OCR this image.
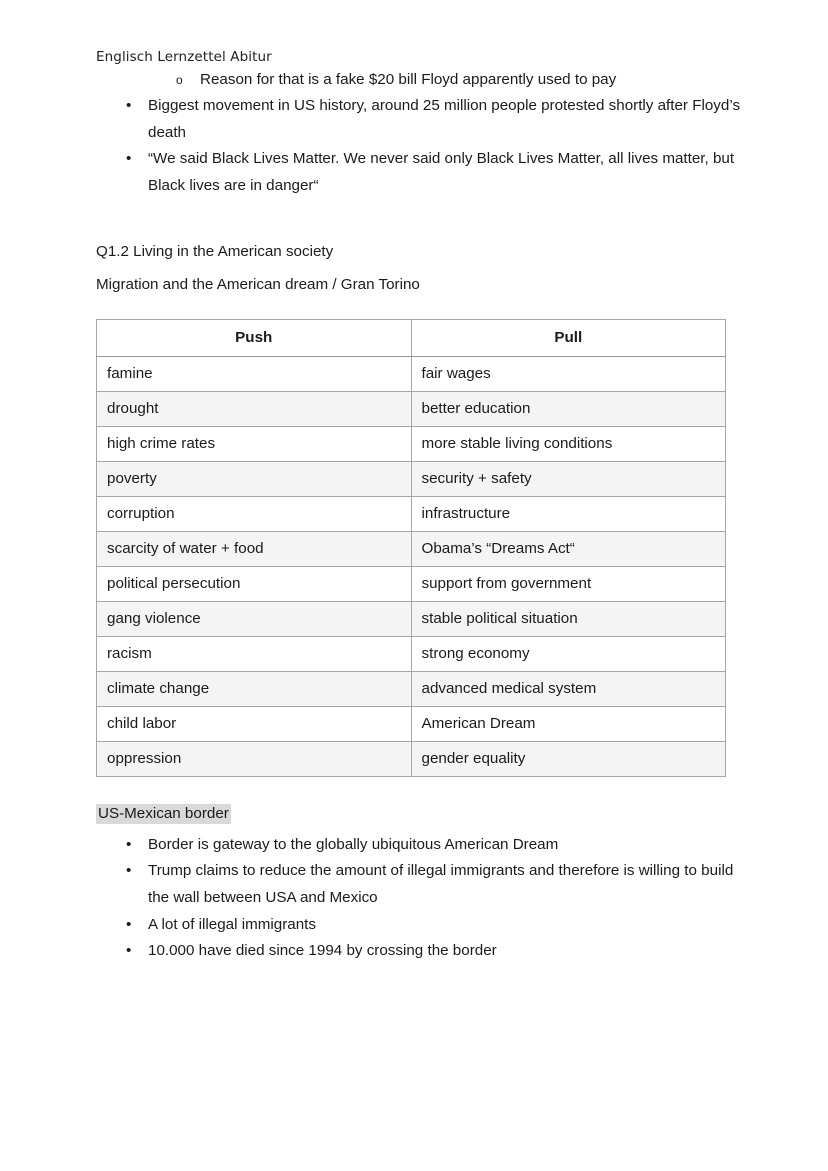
Englisch Lernzettel Abitur
o Reason for that is a fake $20 bill Floyd apparently used to pay
• Biggest movement in US history, around 25 million people protested shortly after Floyd’s death
• “We said Black Lives Matter. We never said only Black Lives Matter, all lives matter, but Black lives are in danger“
Q1.2 Living in the American society
Migration and the American dream / Gran Torino
Push	Pull
famine	fair wages
drought	better education
high crime rates	more stable living conditions
poverty	security + safety
corruption	infrastructure
scarcity of water + food	Obama’s “Dreams Act“
political persecution	support from government
gang violence	stable political situation
racism	strong economy
climate change	advanced medical system
child labor	American Dream
oppression	gender equality
US-Mexican border
• Border is gateway to the globally ubiquitous American Dream
• Trump claims to reduce the amount of illegal immigrants and therefore is willing to build the wall between USA and Mexico
• A lot of illegal immigrants
• 10.000 have died since 1994 by crossing the border
